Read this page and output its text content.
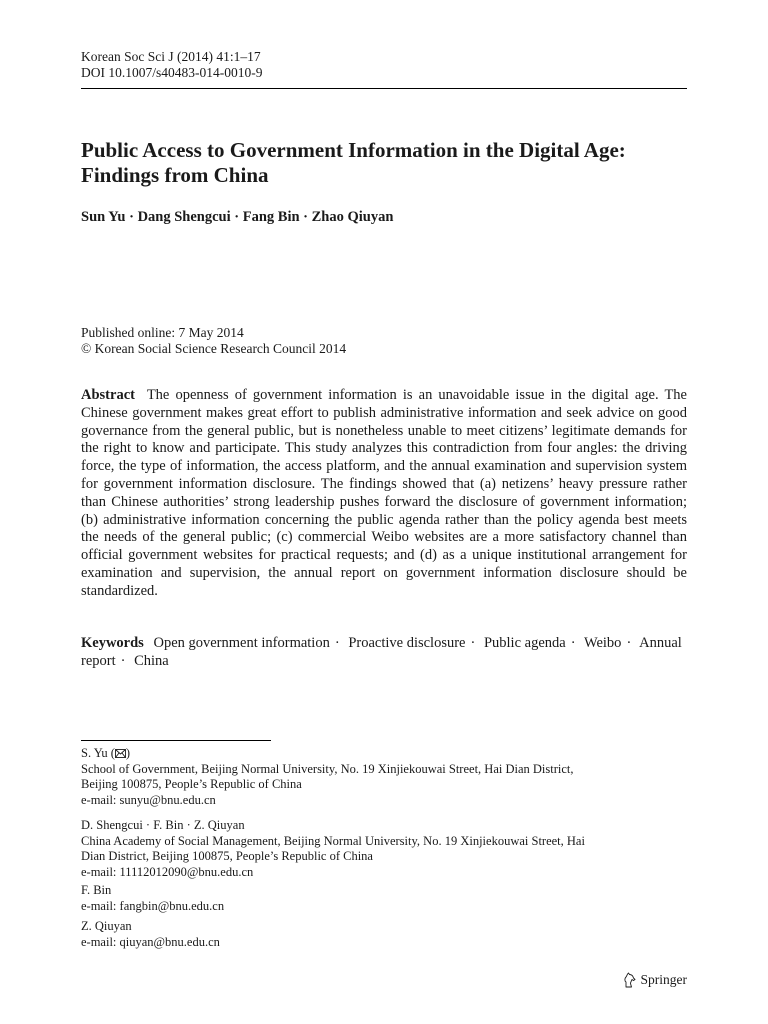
Korean Soc Sci J (2014) 41:1–17
DOI 10.1007/s40483-014-0010-9
Public Access to Government Information in the Digital Age: Findings from China
Sun Yu · Dang Shengcui · Fang Bin · Zhao Qiuyan
Published online: 7 May 2014
© Korean Social Science Research Council 2014

Abstract The openness of government information is an unavoidable issue in the digital age. The Chinese government makes great effort to publish administrative information and seek advice on good governance from the general public, but is nonetheless unable to meet citizens’ legitimate demands for the right to know and participate. This study analyzes this contradiction from four angles: the driving force, the type of information, the access platform, and the annual examination and supervision system for government information disclosure. The findings showed that (a) netizens’ heavy pressure rather than Chinese authorities’ strong leadership pushes forward the disclosure of government information; (b) administrative information concerning the public agenda rather than the policy agenda best meets the needs of the general public; (c) commercial Weibo websites are a more satisfactory channel than official government websites for practical requests; and (d) as a unique institutional arrangement for examination and supervision, the annual report on government information disclosure should be standardized.

Keywords Open government information · Proactive disclosure · Public agenda · Weibo · Annual report · China

S. Yu ( )
School of Government, Beijing Normal University, No. 19 Xinjiekouwai Street, Hai Dian District,
Beijing 100875, People’s Republic of China
e-mail: sunyu@bnu.edu.cn
D. Shengcui · F. Bin · Z. Qiuyan
China Academy of Social Management, Beijing Normal University, No. 19 Xinjiekouwai Street, Hai
Dian District, Beijing 100875, People’s Republic of China
e-mail: 11112012090@bnu.edu.cn
F. Bin
e-mail: fangbin@bnu.edu.cn
Z. Qiuyan
e-mail: qiuyan@bnu.edu.cn
Springer
